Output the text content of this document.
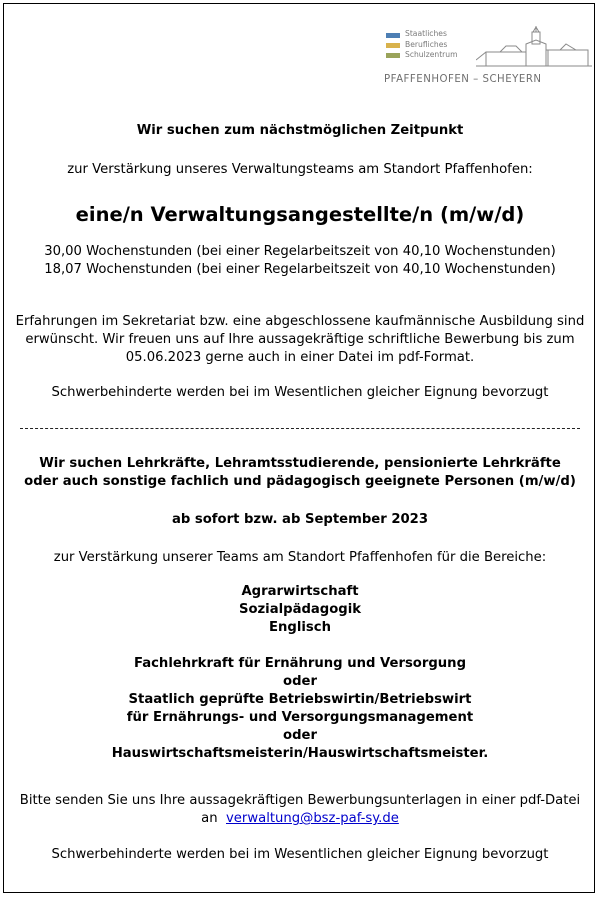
Staatliches
Berufliches
Schulzentrum
PFAFFENHOFEN – SCHEYERN
Wir suchen zum nächstmöglichen Zeitpunkt
zur Verstärkung unseres Verwaltungsteams am Standort Pfaffenhofen:
eine/n Verwaltungsangestellte/n (m/w/d)
30,00 Wochenstunden (bei einer Regelarbeitszeit von 40,10 Wochenstunden)
18,07 Wochenstunden (bei einer Regelarbeitszeit von 40,10 Wochenstunden)
Erfahrungen im Sekretariat bzw. eine abgeschlossene kaufmännische Ausbildung sind
erwünscht. Wir freuen uns auf Ihre aussagekräftige schriftliche Bewerbung bis zum
05.06.2023 gerne auch in einer Datei im pdf-Format.
Schwerbehinderte werden bei im Wesentlichen gleicher Eignung bevorzugt
Wir suchen Lehrkräfte, Lehramtsstudierende, pensionierte Lehrkräfte
oder auch sonstige fachlich und pädagogisch geeignete Personen (m/w/d)
ab sofort bzw. ab September 2023
zur Verstärkung unserer Teams am Standort Pfaffenhofen für die Bereiche:
Agrarwirtschaft
Sozialpädagogik
Englisch
Fachlehrkraft für Ernährung und Versorgung
oder
Staatlich geprüfte Betriebswirtin/Betriebswirt
für Ernährungs- und Versorgungsmanagement
oder
Hauswirtschaftsmeisterin/Hauswirtschaftsmeister.
Bitte senden Sie uns Ihre aussagekräftigen Bewerbungsunterlagen in einer pdf-Datei
an verwaltung@bsz-paf-sy.de
Schwerbehinderte werden bei im Wesentlichen gleicher Eignung bevorzugt
